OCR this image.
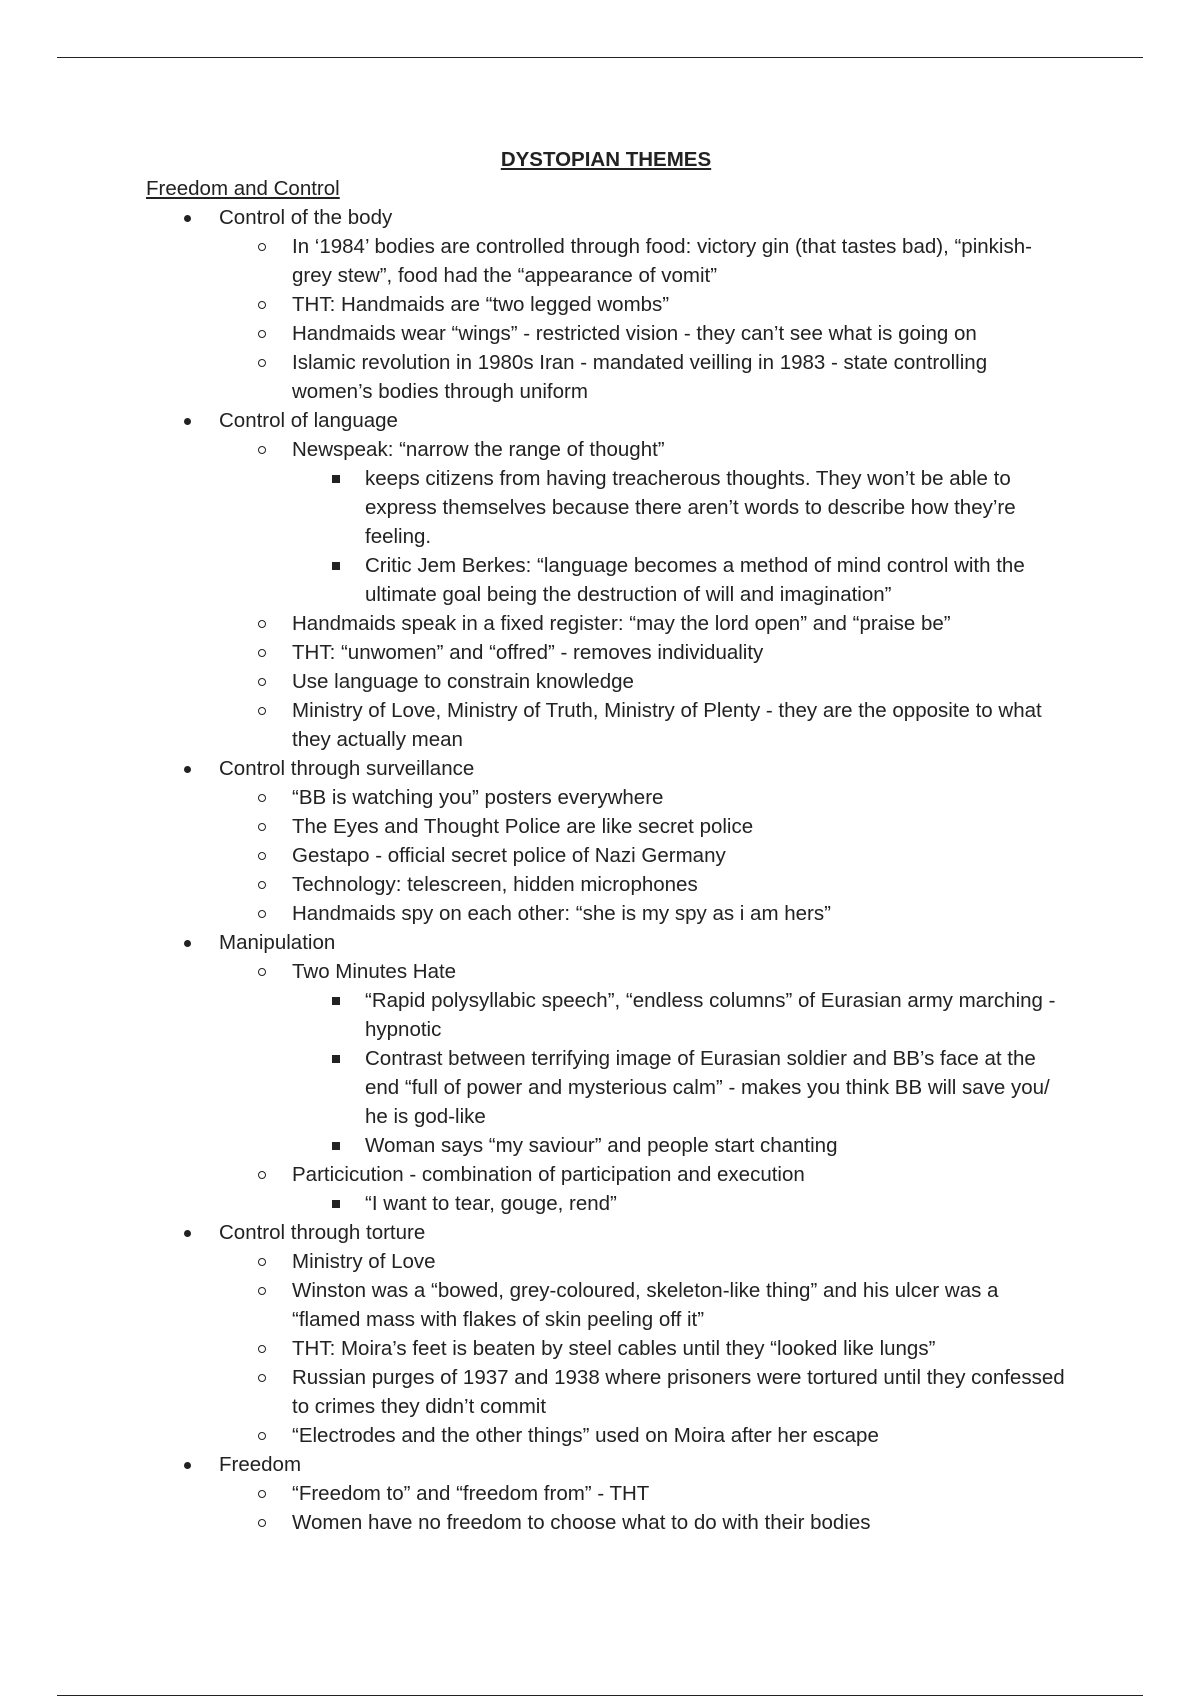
DYSTOPIAN THEMES
Freedom and Control
Control of the body
In ‘1984’ bodies are controlled through food: victory gin (that tastes bad), “pinkish-grey stew”, food had the “appearance of vomit”
THT: Handmaids are “two legged wombs”
Handmaids wear “wings” - restricted vision - they can’t see what is going on
Islamic revolution in 1980s Iran - mandated veilling in 1983 - state controlling women’s bodies through uniform
Control of language
Newspeak: “narrow the range of thought”
keeps citizens from having treacherous thoughts. They won’t be able to express themselves because there aren’t words to describe how they’re feeling.
Critic Jem Berkes: “language becomes a method of mind control with the ultimate goal being the destruction of will and imagination”
Handmaids speak in a fixed register: “may the lord open” and “praise be”
THT: “unwomen” and “offred” - removes individuality
Use language to constrain knowledge
Ministry of Love, Ministry of Truth, Ministry of Plenty - they are the opposite to what they actually mean
Control through surveillance
“BB is watching you” posters everywhere
The Eyes and Thought Police are like secret police
Gestapo - official secret police of Nazi Germany
Technology: telescreen, hidden microphones
Handmaids spy on each other: “she is my spy as i am hers”
Manipulation
Two Minutes Hate
“Rapid polysyllabic speech”, “endless columns” of Eurasian army marching - hypnotic
Contrast between terrifying image of Eurasian soldier and BB’s face at the end “full of power and mysterious calm” - makes you think BB will save you/ he is god-like
Woman says “my saviour” and people start chanting
Particicution - combination of participation and execution
“I want to tear, gouge, rend”
Control through torture
Ministry of Love
Winston was a “bowed, grey-coloured, skeleton-like thing” and his ulcer was a “flamed mass with flakes of skin peeling off it”
THT: Moira’s feet is beaten by steel cables until they “looked like lungs”
Russian purges of 1937 and 1938 where prisoners were tortured until they confessed to crimes they didn’t commit
“Electrodes and the other things” used on Moira after her escape
Freedom
“Freedom to” and “freedom from” - THT
Women have no freedom to choose what to do with their bodies
